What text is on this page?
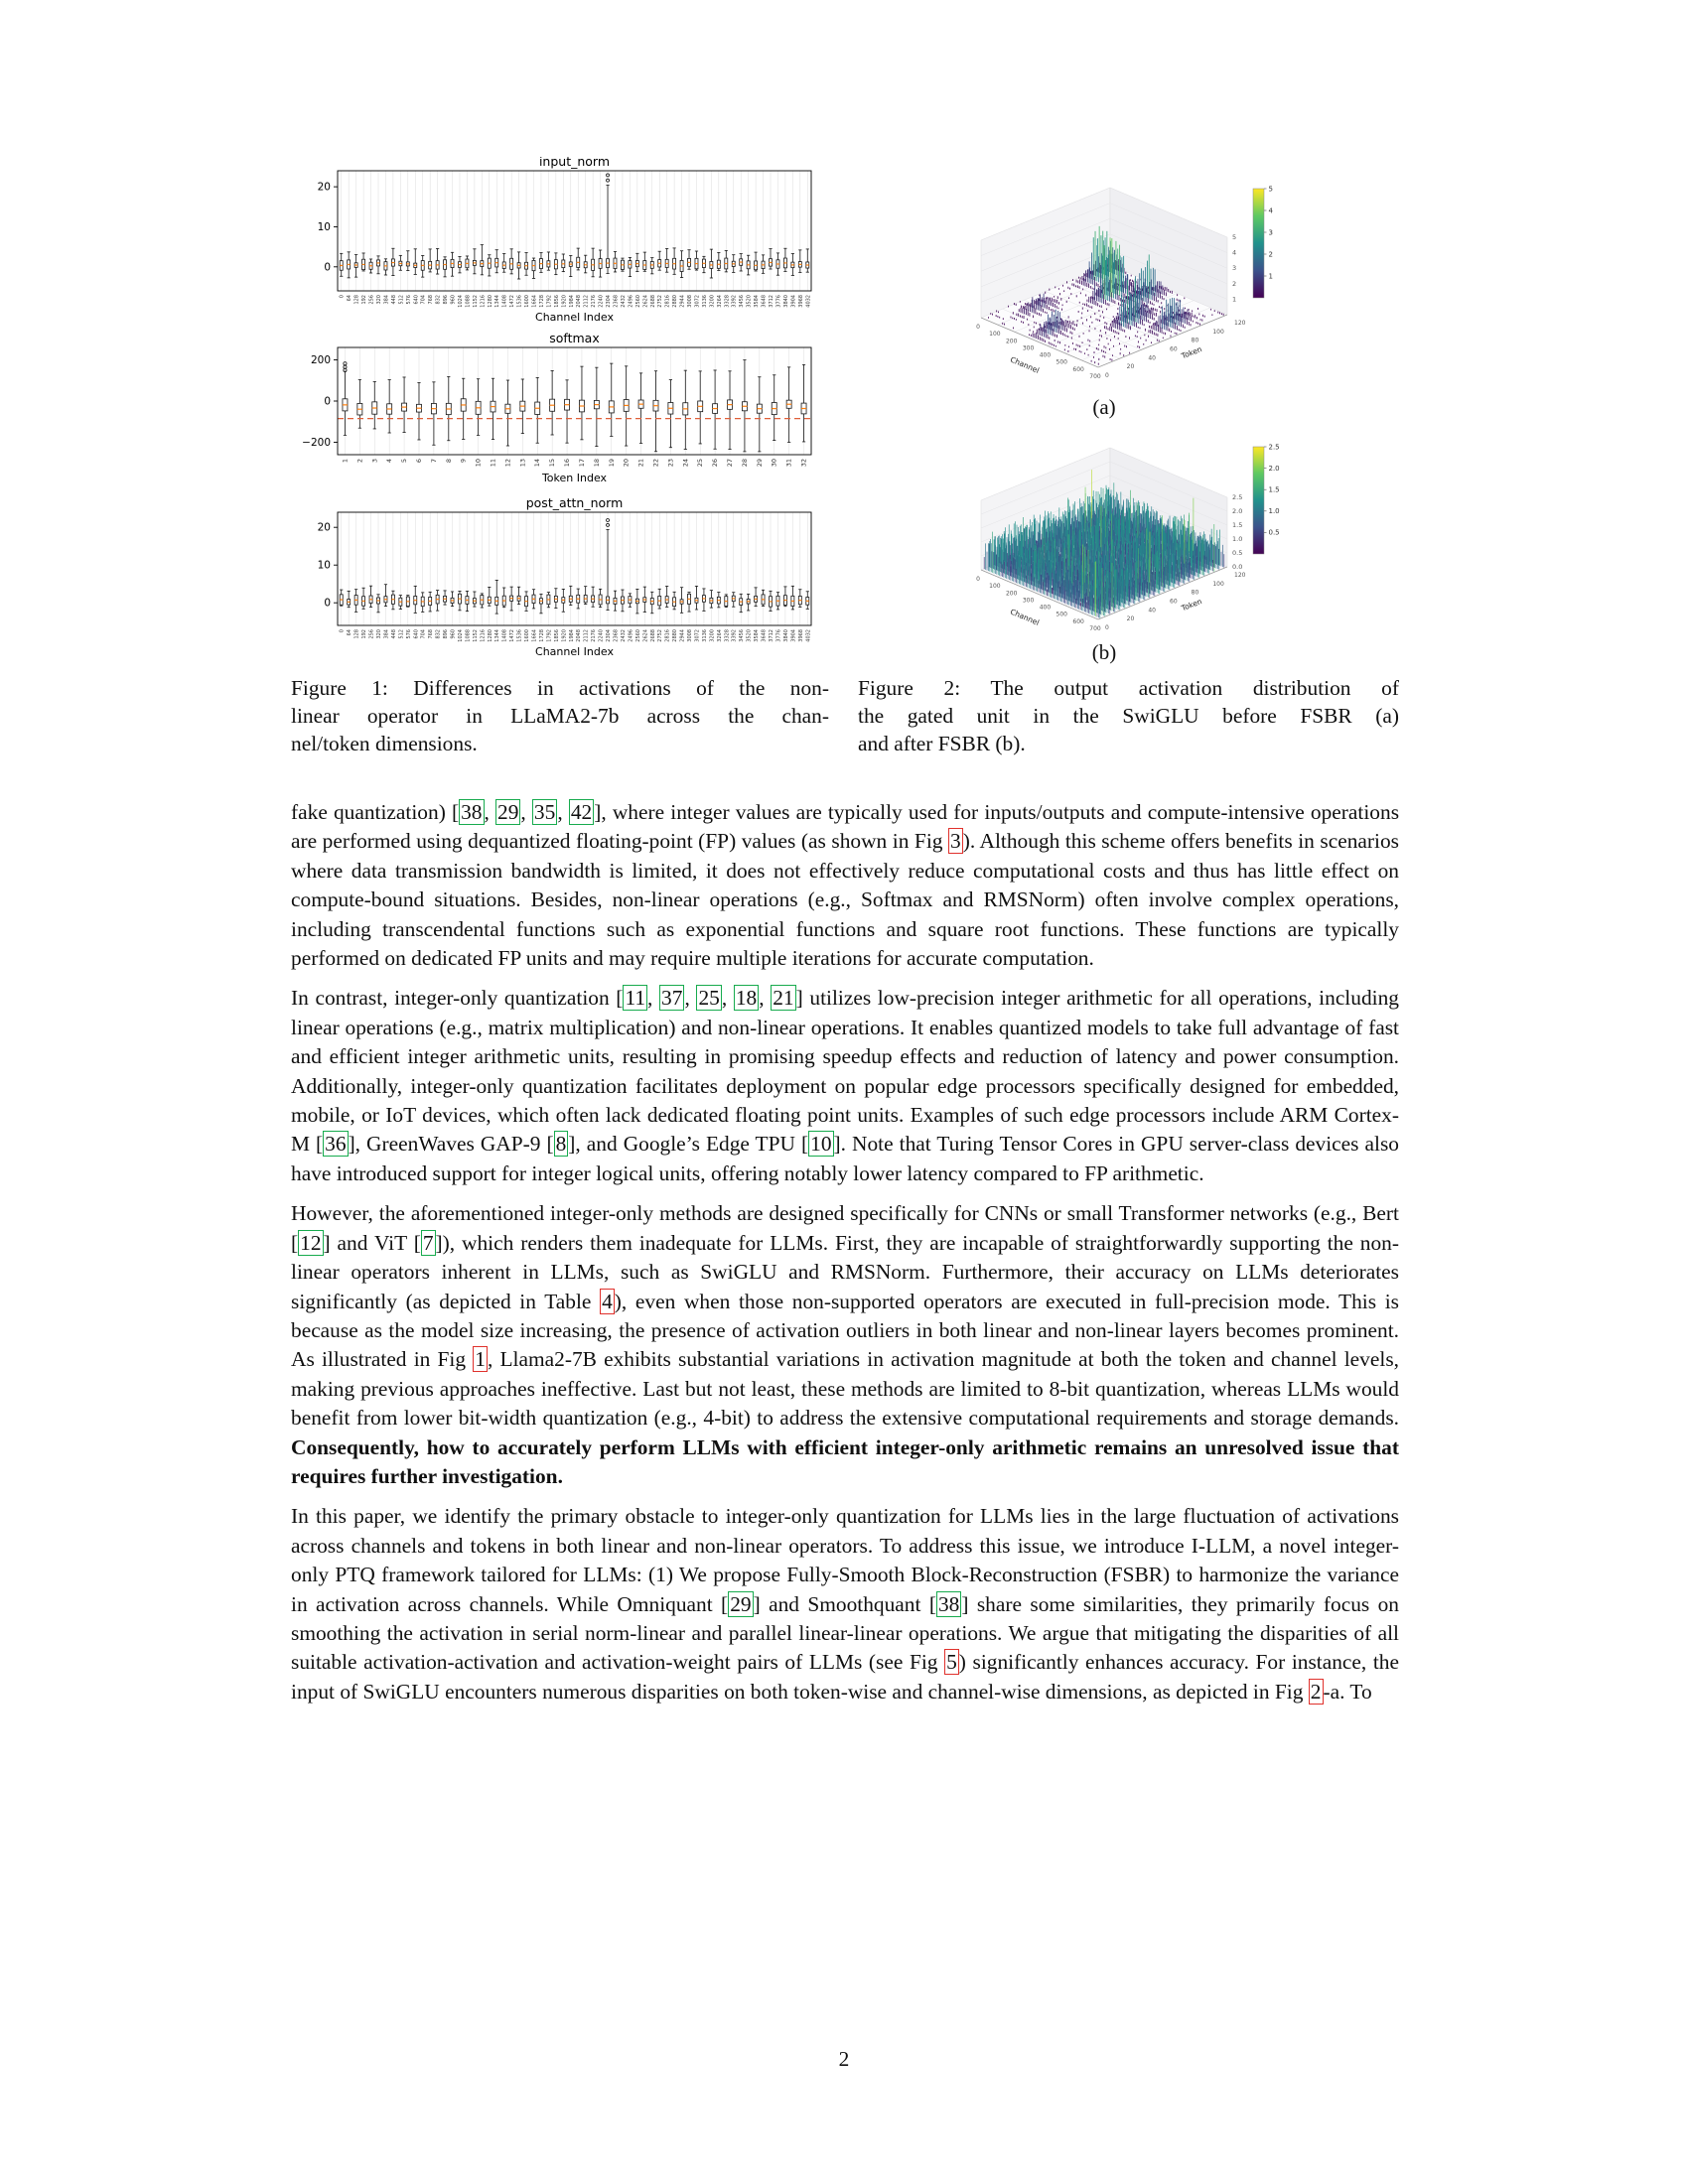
input_norm
0
10
20
0 64 128 192 256 320 384 448 512 576 640 704 768 832 896 960 1024 1088 1152 1216 1280 1344 1408 1472 1536 1600 1664 1728 1792 1856 1920 1984 2048 2112 2176 2240 2304 2368 2432 2496 2560 2624 2688 2752 2816 2880 2944 3008 3072 3136 3200 3264 3328 3392 3456 3520 3584 3648 3712 3776 3840 3904 3968 4032
Channel Index
softmax
−200
0
200
1 2 3 4 5 6 7 8 9 10 11 12 13 14 15 16 17 18 19 20 21 22 23 24 25 26 27 28 29 30 31 32
Token Index
post_attn_norm
0
10
20
0 64 128 192 256 320 384 448 512 576 640 704 768 832 896 960 1024 1088 1152 1216 1280 1344 1408 1472 1536 1600 1664 1728 1792 1856 1920 1984 2048 2112 2176 2240 2304 2368 2432 2496 2560 2624 2688 2752 2816 2880 2944 3008 3072 3136 3200 3264 3328 3392 3456 3520 3584 3648 3712 3776 3840 3904 3968 4032
Channel Index
0
100
200
300
400
500
600
700
Channel
0
20
40
60
80
100
120
Token
5
4
3
2
1
5
4
3
2
1
(a)
0
100
200
300
400
500
600
700
Channel
0
20
40
60
80
100
120
Token
2.5
2.0
1.5
1.0
0.5
0.0
2.5
2.0
1.5
1.0
0.5
(b)
Figure 1: Differences in activations of the non-
linear operator in LLaMA2-7b across the chan-
nel/token dimensions.
Figure 2: The output activation distribution of
the gated unit in the SwiGLU before FSBR (a)
and after FSBR (b).

fake quantization) [38, 29, 35, 42], where integer values are typically used for inputs/outputs and compute-intensive operations are performed using dequantized floating-point (FP) values (as shown in Fig 3). Although this scheme offers benefits in scenarios where data transmission bandwidth is limited, it does not effectively reduce computational costs and thus has little effect on compute-bound situations. Besides, non-linear operations (e.g., Softmax and RMSNorm) often involve complex operations, including transcendental functions such as exponential functions and square root functions. These functions are typically performed on dedicated FP units and may require multiple iterations for accurate computation.

In contrast, integer-only quantization [11, 37, 25, 18, 21] utilizes low-precision integer arithmetic for all operations, including linear operations (e.g., matrix multiplication) and non-linear operations. It enables quantized models to take full advantage of fast and efficient integer arithmetic units, resulting in promising speedup effects and reduction of latency and power consumption. Additionally, integer-only quantization facilitates deployment on popular edge processors specifically designed for embedded, mobile, or IoT devices, which often lack dedicated floating point units. Examples of such edge processors include ARM Cortex-M [36], GreenWaves GAP-9 [8], and Google’s Edge TPU [10]. Note that Turing Tensor Cores in GPU server-class devices also have introduced support for integer logical units, offering notably lower latency compared to FP arithmetic.

However, the aforementioned integer-only methods are designed specifically for CNNs or small Transformer networks (e.g., Bert [12] and ViT [7]), which renders them inadequate for LLMs. First, they are incapable of straightforwardly supporting the non-linear operators inherent in LLMs, such as SwiGLU and RMSNorm. Furthermore, their accuracy on LLMs deteriorates significantly (as depicted in Table 4), even when those non-supported operators are executed in full-precision mode. This is because as the model size increasing, the presence of activation outliers in both linear and non-linear layers becomes prominent. As illustrated in Fig 1, Llama2-7B exhibits substantial variations in activation magnitude at both the token and channel levels, making previous approaches ineffective. Last but not least, these methods are limited to 8-bit quantization, whereas LLMs would benefit from lower bit-width quantization (e.g., 4-bit) to address the extensive computational requirements and storage demands. Consequently, how to accurately perform LLMs with efficient integer-only arithmetic remains an unresolved issue that requires further investigation.

In this paper, we identify the primary obstacle to integer-only quantization for LLMs lies in the large fluctuation of activations across channels and tokens in both linear and non-linear operators. To address this issue, we introduce I-LLM, a novel integer-only PTQ framework tailored for LLMs: (1) We propose Fully-Smooth Block-Reconstruction (FSBR) to harmonize the variance in activation across channels. While Omniquant [29] and Smoothquant [38] share some similarities, they primarily focus on smoothing the activation in serial norm-linear and parallel linear-linear operations. We argue that mitigating the disparities of all suitable activation-activation and activation-weight pairs of LLMs (see Fig 5) significantly enhances accuracy. For instance, the input of SwiGLU encounters numerous disparities on both token-wise and channel-wise dimensions, as depicted in Fig 2-a. To

2
